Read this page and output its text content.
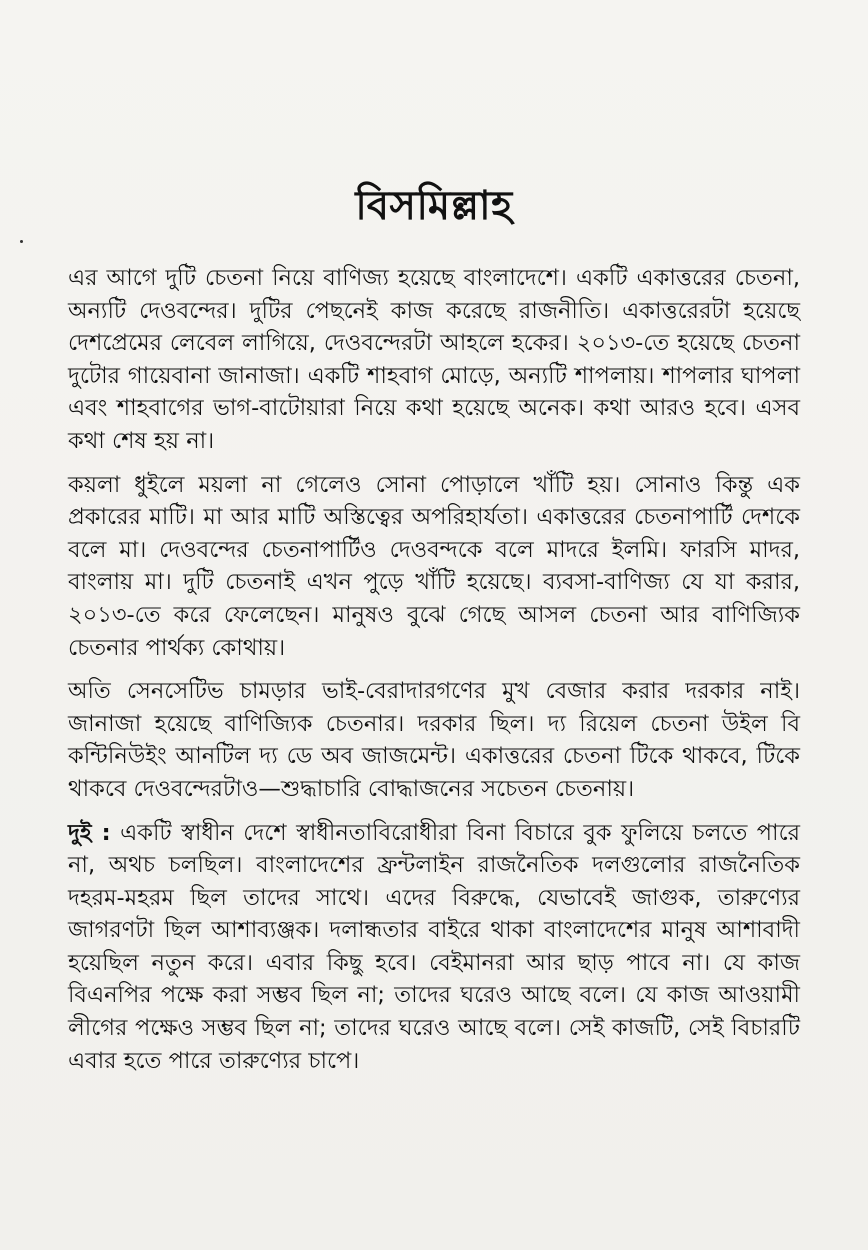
বিসমিল্লাহ

এর আগে দুটি চেতনা নিয়ে বাণিজ্য হয়েছে বাংলাদেশে। একটি একাত্তরের চেতনা, অন্যটি দেওবন্দের। দুটির পেছনেই কাজ করেছে রাজনীতি। একাত্তরেরটা হয়েছে দেশপ্রেমের লেবেল লাগিয়ে, দেওবন্দেরটা আহলে হকের। ২০১৩-তে হয়েছে চেতনা দুটোর গায়েবানা জানাজা। একটি শাহবাগ মোড়ে, অন্যটি শাপলায়। শাপলার ঘাপলা এবং শাহবাগের ভাগ-বাটোয়ারা নিয়ে কথা হয়েছে অনেক। কথা আরও হবে। এসব কথা শেষ হয় না।

কয়লা ধুইলে ময়লা না গেলেও সোনা পোড়ালে খাঁটি হয়। সোনাও কিন্তু এক প্রকারের মাটি। মা আর মাটি অস্তিত্বের অপরিহার্যতা। একাত্তরের চেতনাপার্টি দেশকে বলে মা। দেওবন্দের চেতনাপার্টিও দেওবন্দকে বলে মাদরে ইলমি। ফারসি মাদর, বাংলায় মা। দুটি চেতনাই এখন পুড়ে খাঁটি হয়েছে। ব্যবসা-বাণিজ্য যে যা করার, ২০১৩-তে করে ফেলেছেন। মানুষও বুঝে গেছে আসল চেতনা আর বাণিজ্যিক চেতনার পার্থক্য কোথায়।

অতি সেনসেটিভ চামড়ার ভাই-বেরাদারগণের মুখ বেজার করার দরকার নাই। জানাজা হয়েছে বাণিজ্যিক চেতনার। দরকার ছিল। দ্য রিয়েল চেতনা উইল বি কন্টিনিউইং আনটিল দ্য ডে অব জাজমেন্ট। একাত্তরের চেতনা টিকে থাকবে, টিকে থাকবে দেওবন্দেরটাও—শুদ্ধাচারি বোদ্ধাজনের সচেতন চেতনায়।

দুই : একটি স্বাধীন দেশে স্বাধীনতাবিরোধীরা বিনা বিচারে বুক ফুলিয়ে চলতে পারে না, অথচ চলছিল। বাংলাদেশের ফ্রন্টলাইন রাজনৈতিক দলগুলোর রাজনৈতিক দহরম-মহরম ছিল তাদের সাথে। এদের বিরুদ্ধে, যেভাবেই জাগুক, তারুণ্যের জাগরণটা ছিল আশাব্যঞ্জক। দলান্ধতার বাইরে থাকা বাংলাদেশের মানুষ আশাবাদী হয়েছিল নতুন করে। এবার কিছু হবে। বেইমানরা আর ছাড় পাবে না। যে কাজ বিএনপির পক্ষে করা সম্ভব ছিল না; তাদের ঘরেও আছে বলে। যে কাজ আওয়ামী লীগের পক্ষেও সম্ভব ছিল না; তাদের ঘরেও আছে বলে। সেই কাজটি, সেই বিচারটি এবার হতে পারে তারুণ্যের চাপে।
